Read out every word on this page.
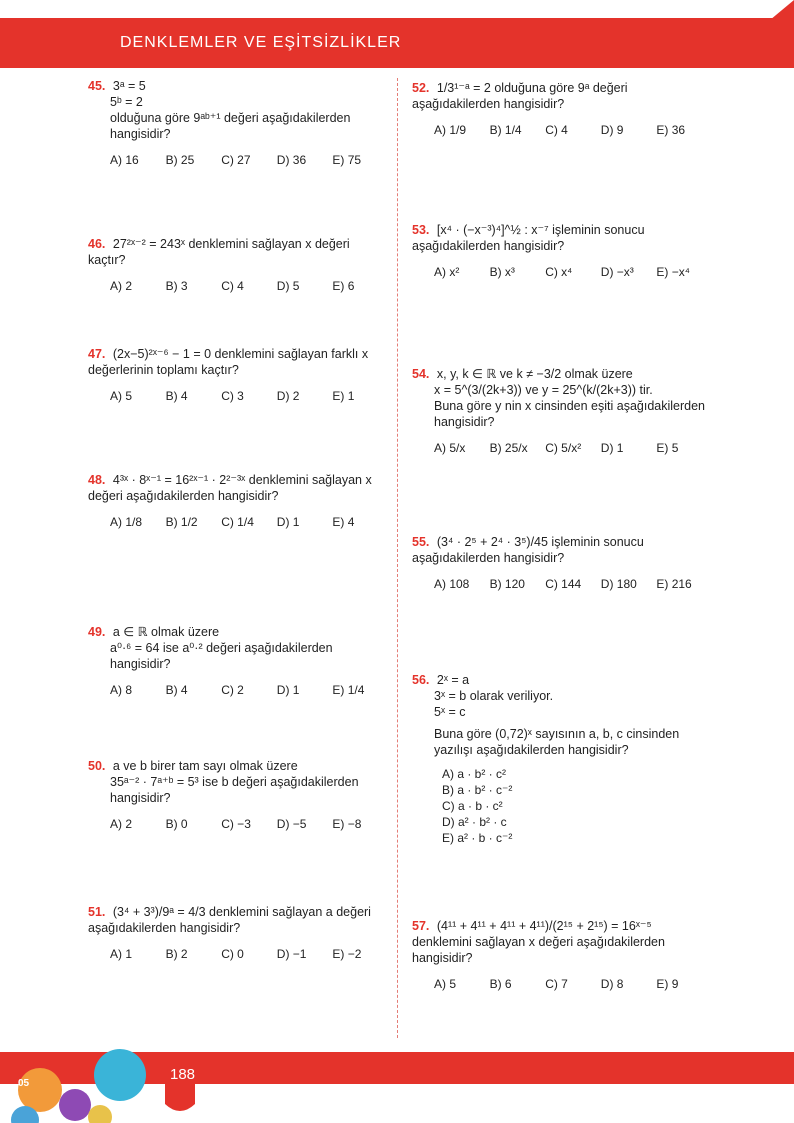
DENKLEMLER VE EŞİTSİZLİKLER
45. 3ᵃ = 5
5ᵇ = 2
olduğuna göre 9ᵃᵇ⁺¹ değeri aşağıdakilerden hangisidir?
A) 16	B) 25	C) 27	D) 36	E) 75
46. 27²ˣ⁻² = 243ˣ denklemini sağlayan x değeri kaçtır?
A) 2	B) 3	C) 4	D) 5	E) 6
47. (2x−5)²ˣ⁻⁶ − 1 = 0 denklemini sağlayan farklı x değerlerinin toplamı kaçtır?
A) 5	B) 4	C) 3	D) 2	E) 1
48. 4³ˣ · 8ˣ⁻¹ = 16²ˣ⁻¹ · 2²⁻³ˣ denklemini sağlayan x değeri aşağıdakilerden hangisidir?
A) 1/8	B) 1/2	C) 1/4	D) 1	E) 4
49. a ∈ ℝ olmak üzere
a⁰·⁶ = 64 ise a⁰·² değeri aşağıdakilerden hangisidir?
A) 8	B) 4	C) 2	D) 1	E) 1/4
50. a ve b birer tam sayı olmak üzere
35ᵃ⁻² · 7ᵃ⁺ᵇ = 5³ ise b değeri aşağıdakilerden hangisidir?
A) 2	B) 0	C) −3	D) −5	E) −8
51. (3⁴ + 3³)/9ᵃ = 4/3 denklemini sağlayan a değeri aşağıdakilerden hangisidir?
A) 1	B) 2	C) 0	D) −1	E) −2
52. 1/3¹⁻ᵃ = 2 olduğuna göre 9ᵃ değeri aşağıdakilerden hangisidir?
A) 1/9	B) 1/4	C) 4	D) 9	E) 36
53. [x⁴ · (−x⁻³)⁴]^½ : x⁻⁷ işleminin sonucu aşağıdakilerden hangisidir?
A) x²	B) x³	C) x⁴	D) −x³	E) −x⁴
54. x, y, k ∈ ℝ ve k ≠ −3/2 olmak üzere
x = 5^(3/(2k+3)) ve y = 25^(k/(2k+3)) tir.
Buna göre y nin x cinsinden eşiti aşağıdakilerden hangisidir?
A) 5/x	B) 25/x	C) 5/x²	D) 1	E) 5
55. (3⁴ · 2⁵ + 2⁴ · 3⁵)/45 işleminin sonucu aşağıdakilerden hangisidir?
A) 108	B) 120	C) 144	D) 180	E) 216
56. 2ˣ = a
3ˣ = b olarak veriliyor.
5ˣ = c
Buna göre (0,72)ˣ sayısının a, b, c cinsinden yazılışı aşağıdakilerden hangisidir?
A) a · b² · c²
B) a · b² · c⁻²
C) a · b · c²
D) a² · b² · c
E) a² · b · c⁻²
57. (4¹¹ + 4¹¹ + 4¹¹ + 4¹¹)/(2¹⁵ + 2¹⁵) = 16ˣ⁻⁵ denklemini sağlayan x değeri aşağıdakilerden hangisidir?
A) 5	B) 6	C) 7	D) 8	E) 9
05
188
